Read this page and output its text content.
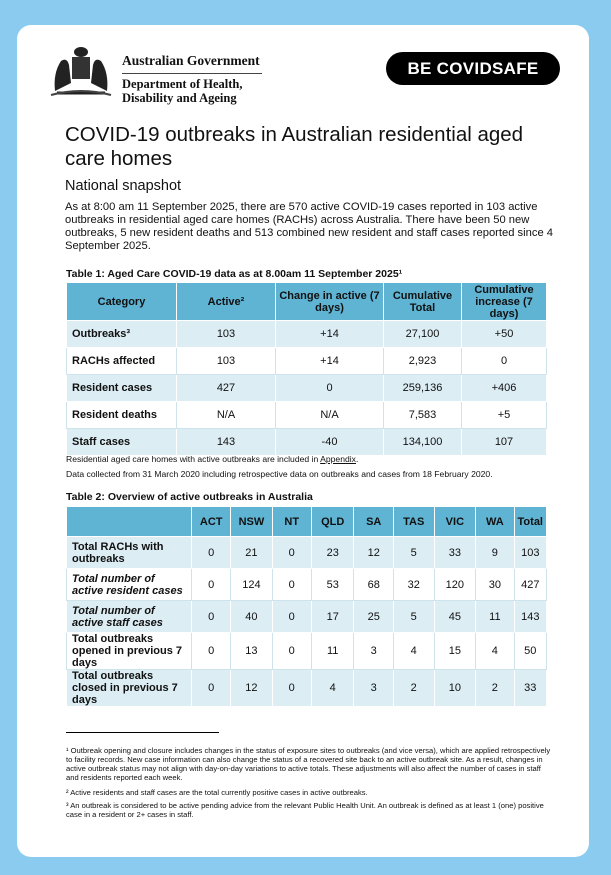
Australian Government
Department of Health,
Disability and Ageing
BE COVIDSAFE
COVID-19 outbreaks in Australian residential aged care homes
National snapshot
As at 8:00 am 11 September 2025, there are 570 active COVID-19 cases reported in 103 active outbreaks in residential aged care homes (RACHs) across Australia. There have been 50 new outbreaks, 5 new resident deaths and 513 combined new resident and staff cases reported since 4 September 2025.
Table 1: Aged Care COVID-19 data as at 8.00am 11 September 2025¹
Category	Active²	Change in active (7 days)	Cumulative Total	Cumulative increase (7 days)
Outbreaks³	103	+14	27,100	+50
RACHs affected	103	+14	2,923	0
Resident cases	427	0	259,136	+406
Resident deaths	N/A	N/A	7,583	+5
Staff cases	143	-40	134,100	107
Residential aged care homes with active outbreaks are included in Appendix.
Data collected from 31 March 2020 including retrospective data on outbreaks and cases from 18 February 2020.
Table 2: Overview of active outbreaks in Australia
	ACT	NSW	NT	QLD	SA	TAS	VIC	WA	Total
Total RACHs with outbreaks	0	21	0	23	12	5	33	9	103
Total number of active resident cases	0	124	0	53	68	32	120	30	427
Total number of active staff cases	0	40	0	17	25	5	45	11	143
Total outbreaks opened in previous 7 days	0	13	0	11	3	4	15	4	50
Total outbreaks closed in previous 7 days	0	12	0	4	3	2	10	2	33
¹ Outbreak opening and closure includes changes in the status of exposure sites to outbreaks (and vice versa), which are applied retrospectively to facility records. New case information can also change the status of a recovered site back to an active outbreak site. As a result, changes in active outbreak status may not align with day-on-day variations to active totals. These adjustments will also affect the number of cases in staff and residents reported each week.
² Active residents and staff cases are the total currently positive cases in active outbreaks.
³ An outbreak is considered to be active pending advice from the relevant Public Health Unit. An outbreak is defined as at least 1 (one) positive case in a resident or 2+ cases in staff.
